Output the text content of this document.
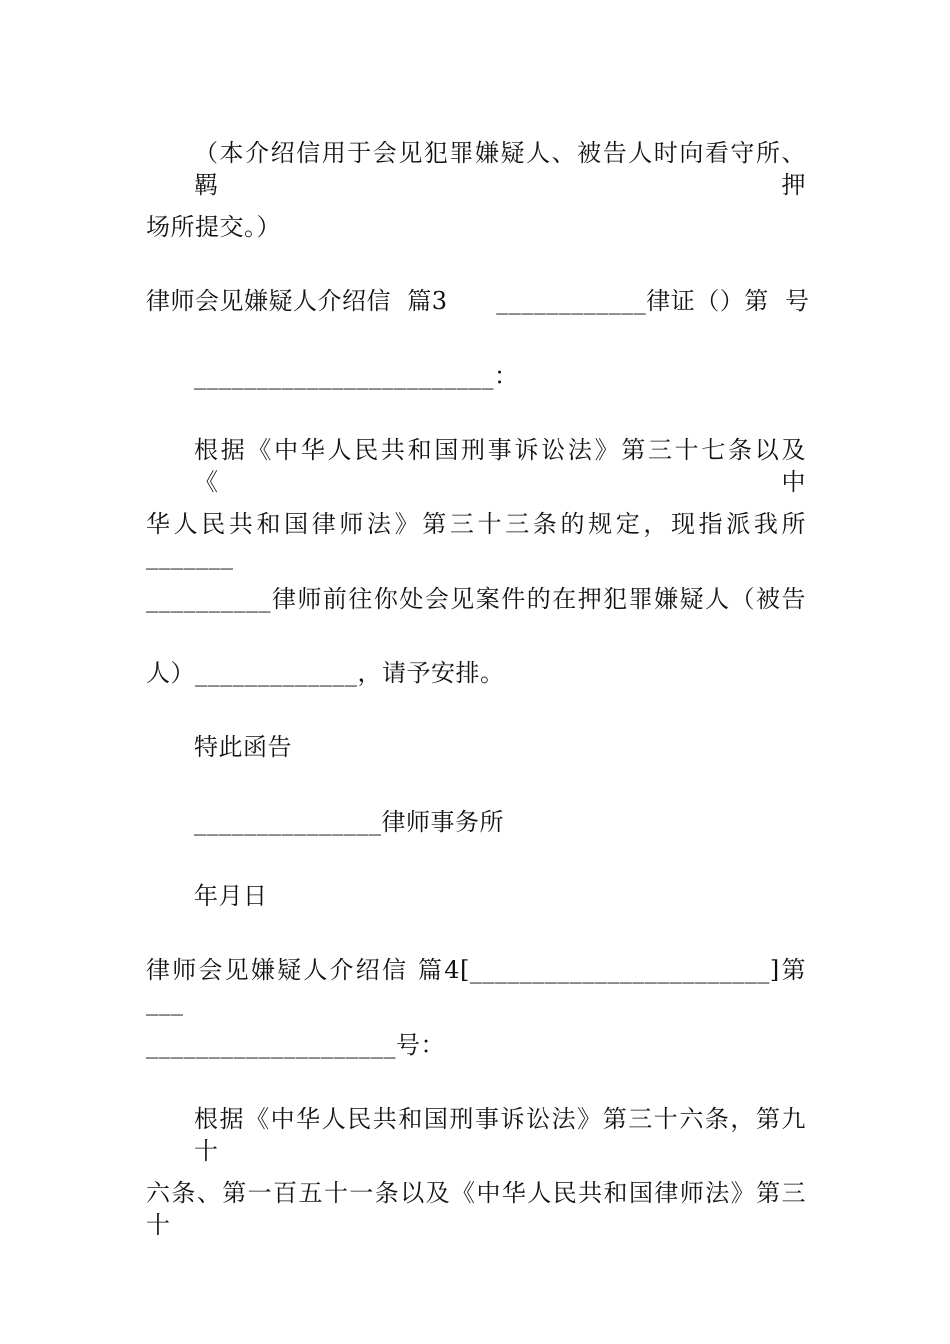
（本介绍信用于会见犯罪嫌疑人、被告人时向看守所、羁押
场所提交。）
律师会见嫌疑人介绍信  篇3      ____________律证（）第  号
________________________：
根据《中华人民共和国刑事诉讼法》第三十七条以及《中
华人民共和国律师法》第三十三条的规定，现指派我所_______
__________律师前往你处会见案件的在押犯罪嫌疑人（被告
人）_____________，请予安排。
特此函告
_______________律师事务所
年月日
律师会见嫌疑人介绍信 篇4[________________________]第___
____________________号：
根据《中华人民共和国刑事诉讼法》第三十六条，第九十
六条、第一百五十一条以及《中华人民共和国律师法》第三十
